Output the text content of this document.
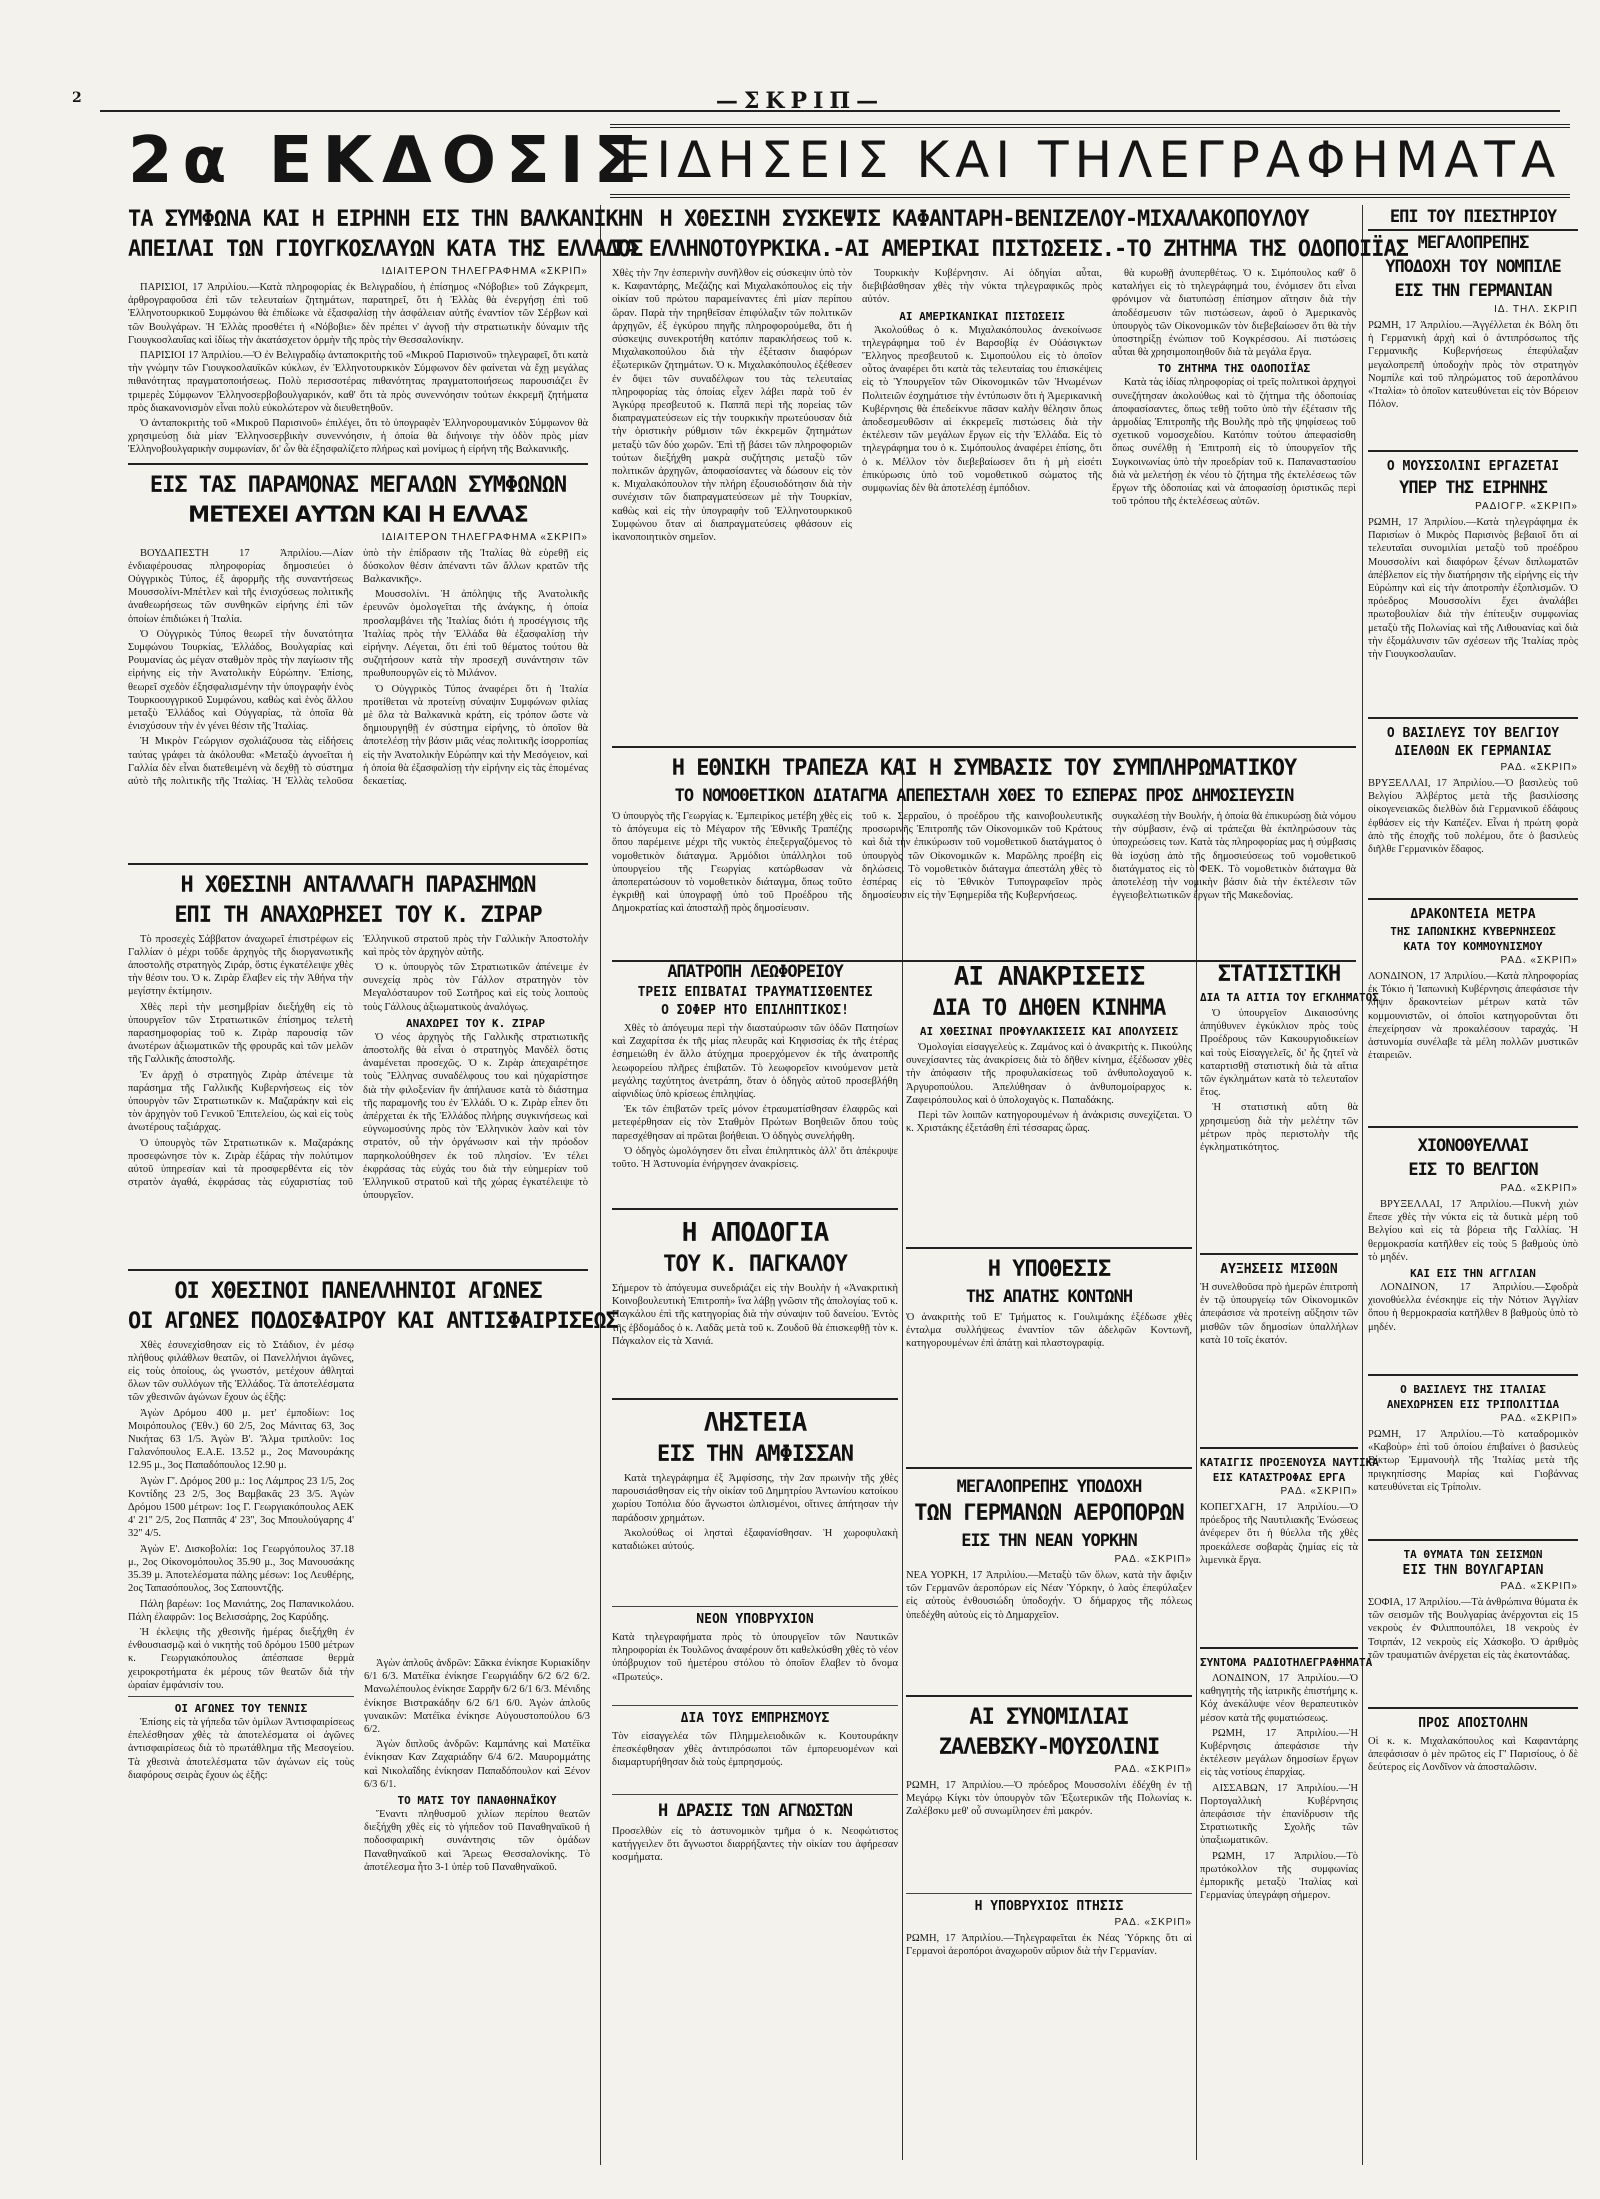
2	—ΣΚΡΙΠ—
2α ΕΚΔΟΣΙΣ
ΕΙΔΗΣΕΙΣ ΚΑΙ ΤΗΛΕΓΡΑΦΗΜΑΤΑ
ΤΑ ΣΥΜΦΩΝΑ ΚΑΙ Η ΕΙΡΗΝΗ ΕΙΣ ΤΗΝ ΒΑΛΚΑΝΙΚΗΝ
ΑΠΕΙΛΑΙ ΤΩΝ ΓΙΟΥΓΚΟΣΛΑΥΩΝ ΚΑΤΑ ΤΗΣ ΕΛΛΑΔΟΣ
ΙΔΙΑΙΤΕΡΟΝ ΤΗΛΕΓΡΑΦΗΜΑ «ΣΚΡΙΠ»

ΠΑΡΙΣΙΟΙ, 17 Ἀπριλίου.—Κατὰ πληροφορίας ἐκ Βελιγραδίου, ἡ ἐπίσημος «Νόβοβιε» τοῦ Ζάγκρεμπ, ἀρθρογραφοῦσα ἐπὶ τῶν τελευταίων ζητημάτων, παρατηρεῖ, ὅτι ἡ Ἑλλὰς θὰ ἐνεργήσῃ ἐπὶ τοῦ Ἑλληνοτουρκικοῦ Συμφώνου θὰ ἐπιδίωκε νὰ ἐξασφαλίσῃ τὴν ἀσφάλειαν αὐτῆς ἐναντίον τῶν Σέρβων καὶ τῶν Βουλγάρων. Ἡ Ἑλλὰς προσθέτει ἡ «Νόβοβιε» δὲν πρέπει ν' ἀγνοῇ τὴν στρατιωτικὴν δύναμιν τῆς Γιουγκοσλαυΐας καὶ ἰδίως τὴν ἀκατάσχετον ὁρμὴν τῆς πρὸς τὴν Θεσσαλονίκην.

ΠΑΡΙΣΙΟΙ 17 Ἀπριλίου.—Ὁ ἐν Βελιγραδίῳ ἀνταποκριτὴς τοῦ «Μικροῦ Παρισινοῦ» τηλεγραφεῖ, ὅτι κατὰ τὴν γνώμην τῶν Γιουγκοσλαυϊκῶν κύκλων, ἐν Ἑλληνοτουρκικὸν Σύμφωνον δὲν φαίνεται νὰ ἔχῃ μεγάλας πιθανότητας πραγματοποιήσεως. Πολὺ περισσοτέρας πιθανότητας πραγματοποιήσεως παρουσιάζει ἓν τριμερὲς Σύμφωνον Ἑλληνοσερβοβουλγαρικόν, καθ' ὅτι τὰ πρὸς συνεννόησιν τούτων ἐκκρεμῆ ζητήματα πρὸς διακανονισμὸν εἶναι πολὺ εὐκολώτερον νὰ διευθετηθοῦν.

Ὁ ἀνταποκριτὴς τοῦ «Μικροῦ Παρισινοῦ» ἐπιλέγει, ὅτι τὸ ὑπογραφὲν Ἑλληνορουμανικὸν Σύμφωνον θὰ χρησιμεύσῃ διὰ μίαν Ἑλληνοσερβικὴν συνεννόησιν, ἡ ὁποία θὰ διήνοιγε τὴν ὁδὸν πρὸς μίαν Ἑλληνοβουλγαρικὴν συμφωνίαν, δι' ὧν θὰ ἐξησφαλίζετο πλήρως καὶ μονίμως ἡ εἰρήνη τῆς Βαλκανικῆς.

ΕΙΣ ΤΑΣ ΠΑΡΑΜΟΝΑΣ ΜΕΓΑΛΩΝ ΣΥΜΦΩΝΩΝ
ΜΕΤΕΧΕΙ ΑΥΤΩΝ ΚΑΙ Η ΕΛΛΑΣ
ΙΔΙΑΙΤΕΡΟΝ ΤΗΛΕΓΡΑΦΗΜΑ «ΣΚΡΙΠ»

ΒΟΥΔΑΠΕΣΤΗ 17 Ἀπριλίου.—Λίαν ἐνδιαφέρουσας πληροφορίας δημοσιεύει ὁ Οὐγγρικὸς Τύπος, ἐξ ἀφορμῆς τῆς συναντήσεως Μουσσολίνι-Μπέτλεν καὶ τῆς ἐνισχύσεως πολιτικῆς ἀναθεωρήσεως τῶν συνθηκῶν εἰρήνης ἐπὶ τῶν ὁποίων ἐπιδιώκει ἡ Ἰταλία.

Ὁ Οὐγγρικὸς Τύπος θεωρεῖ τὴν δυνατότητα Συμφώνου Τουρκίας, Ἑλλάδος, Βουλγαρίας καὶ Ρουμανίας ὡς μέγαν σταθμὸν πρὸς τὴν παγίωσιν τῆς εἰρήνης εἰς τὴν Ἀνατολικὴν Εὐρώπην. Ἐπίσης, θεωρεῖ σχεδὸν ἐξησφαλισμένην τὴν ὑπογραφὴν ἑνὸς Τουρκοουγγρικοῦ Συμφώνου, καθὼς καὶ ἑνὸς ἄλλου μεταξὺ Ἑλλάδος καὶ Οὐγγαρίας, τὰ ὁποῖα θὰ ἐνισχύσουν τὴν ἐν γένει θέσιν τῆς Ἰταλίας.

Ἡ Μικρὸν Γεώργιον σχολιάζουσα τὰς εἰδήσεις ταύτας γράφει τὰ ἀκόλουθα: «Μεταξὺ ἀγνοεῖται ἡ Γαλλία δὲν εἶναι διατεθειμένη νὰ δεχθῇ τὸ σύστημα αὐτὸ τῆς πολιτικῆς τῆς Ἰταλίας. Ἡ Ἑλλὰς τελοῦσα ὑπὸ τὴν ἐπίδρασιν τῆς Ἰταλίας θὰ εὑρεθῇ εἰς δύσκολον θέσιν ἀπέναντι τῶν ἄλλων κρατῶν τῆς Βαλκανικῆς».

Μουσσολίνι. Ἡ ἀπόληψις τῆς Ἀνατολικῆς ἐρευνῶν ὁμολογεῖται τῆς ἀνάγκης, ἡ ὁποία προσλαμβάνει τῆς Ἰταλίας διότι ἡ προσέγγισις τῆς Ἰταλίας πρὸς τὴν Ἑλλάδα θὰ ἐξασφαλίσῃ τὴν εἰρήνην. Λέγεται, ὅτι ἐπὶ τοῦ θέματος τούτου θὰ συζητήσουν κατὰ τὴν προσεχῆ συνάντησιν τῶν πρωθυπουργῶν εἰς τὸ Μιλάνον.

Ὁ Οὐγγρικὸς Τύπος ἀναφέρει ὅτι ἡ Ἰταλία προτίθεται νὰ προτείνῃ σύναψιν Συμφώνων φιλίας μὲ ὅλα τὰ Βαλκανικὰ κράτη, εἰς τρόπον ὥστε νὰ δημιουργηθῇ ἐν σύστημα εἰρήνης, τὸ ὁποῖον θὰ ἀποτελέσῃ τὴν βάσιν μιᾶς νέας πολιτικῆς ἰσορροπίας εἰς τὴν Ἀνατολικὴν Εὐρώπην καὶ τὴν Μεσόγειον, καὶ ἡ ὁποία θὰ ἐξασφαλίσῃ τὴν εἰρήνην εἰς τὰς ἑπομένας δεκαετίας.

Η ΧΘΕΣΙΝΗ ΑΝΤΑΛΛΑΓΗ ΠΑΡΑΣΗΜΩΝ
ΕΠΙ ΤΗ ΑΝΑΧΩΡΗΣΕΙ ΤΟΥ Κ. ΖΙΡΑΡ

Τὸ προσεχὲς Σάββατον ἀναχωρεῖ ἐπιστρέφων εἰς Γαλλίαν ὁ μέχρι τοῦδε ἀρχηγὸς τῆς διοργανωτικῆς ἀποστολῆς στρατηγὸς Ζιράρ, ὅστις ἐγκατέλειψε χθὲς τὴν θέσιν του. Ὁ κ. Ζιρὰρ ἔλαβεν εἰς τὴν Ἀθήνα τὴν μεγίστην ἐκτίμησιν.

Χθὲς περὶ τὴν μεσημβρίαν διεξήχθη εἰς τὸ ὑπουργεῖον τῶν Στρατιωτικῶν ἐπίσημος τελετὴ παρασημοφορίας τοῦ κ. Ζιρὰρ παρουσίᾳ τῶν ἀνωτέρων ἀξιωματικῶν τῆς φρουρᾶς καὶ τῶν μελῶν τῆς Γαλλικῆς ἀποστολῆς.

Ἐν ἀρχῇ ὁ στρατηγὸς Ζιρὰρ ἀπένειμε τὰ παράσημα τῆς Γαλλικῆς Κυβερνήσεως εἰς τὸν ὑπουργὸν τῶν Στρατιωτικῶν κ. Μαζαράκην καὶ εἰς τὸν ἀρχηγὸν τοῦ Γενικοῦ Ἐπιτελείου, ὡς καὶ εἰς τοὺς ἀνωτέρους ταξιάρχας.

Ὁ ὑπουργὸς τῶν Στρατιωτικῶν κ. Μαζαράκης προσεφώνησε τὸν κ. Ζιρὰρ ἐξάρας τὴν πολύτιμον αὐτοῦ ὑπηρεσίαν καὶ τὰ προσφερθέντα εἰς τὸν στρατὸν ἀγαθά, ἐκφράσας τὰς εὐχαριστίας τοῦ Ἑλληνικοῦ στρατοῦ πρὸς τὴν Γαλλικὴν Ἀποστολὴν καὶ πρὸς τὸν ἀρχηγὸν αὐτῆς.

Ὁ κ. ὑπουργὸς τῶν Στρατιωτικῶν ἀπένειμε ἐν συνεχείᾳ πρὸς τὸν Γάλλον στρατηγὸν τὸν Μεγαλόσταυρον τοῦ Σωτῆρος καὶ εἰς τοὺς λοιποὺς τοὺς Γάλλους ἀξιωματικοὺς ἀναλόγως.

ΑΝΑΧΩΡΕΙ ΤΟΥ Κ. ΖΙΡΑΡ

Ὁ νέος ἀρχηγὸς τῆς Γαλλικῆς στρατιωτικῆς ἀποστολῆς θὰ εἶναι ὁ στρατηγὸς Μανδὲλ ὅστις ἀναμένεται προσεχῶς. Ὁ κ. Ζιρὰρ ἀπεχαιρέτησε τοὺς Ἕλληνας συναδέλφους του καὶ ηὐχαρίστησε διὰ τὴν φιλοξενίαν ἣν ἀπήλαυσε κατὰ τὸ διάστημα τῆς παραμονῆς του ἐν Ἑλλάδι. Ὁ κ. Ζιρὰρ εἶπεν ὅτι ἀπέρχεται ἐκ τῆς Ἑλλάδος πλήρης συγκινήσεως καὶ εὐγνωμοσύνης πρὸς τὸν Ἑλληνικὸν λαὸν καὶ τὸν στρατόν, οὗ τὴν ὀργάνωσιν καὶ τὴν πρόοδον παρηκολούθησεν ἐκ τοῦ πλησίον. Ἐν τέλει ἐκφράσας τὰς εὐχάς του διὰ τὴν εὐημερίαν τοῦ Ἑλληνικοῦ στρατοῦ καὶ τῆς χώρας ἐγκατέλειψε τὸ ὑπουργεῖον.

ΟΙ ΧΘΕΣΙΝΟΙ ΠΑΝΕΛΛΗΝΙΟΙ ΑΓΩΝΕΣ
ΟΙ ΑΓΩΝΕΣ ΠΟΔΟΣΦΑΙΡΟΥ ΚΑΙ ΑΝΤΙΣΦΑΙΡΙΣΕΩΣ

Χθὲς ἐσυνεχίσθησαν εἰς τὸ Στάδιον, ἐν μέσῳ πλήθους φιλάθλων θεατῶν, οἱ Πανελλήνιοι ἀγῶνες, εἰς τοὺς ὁποίους, ὡς γνωστόν, μετέχουν ἀθληταὶ ὅλων τῶν συλλόγων τῆς Ἑλλάδος. Τὰ ἀποτελέσματα τῶν χθεσινῶν ἀγώνων ἔχουν ὡς ἑξῆς:

Ἀγὼν Δρόμου 400 μ. μετ' ἐμποδίων: 1ος Μοιρόπουλος (Ἐθν.) 60 2/5, 2ος Μάνιτας 63, 3ος Νικήτας 63 1/5. Ἀγὼν Β'. Ἅλμα τριπλοῦν: 1ος Γαλανόπουλος Ε.Α.Ε. 13.52 μ., 2ος Μανουράκης 12.95 μ., 3ος Παπαδόπουλος 12.90 μ.

Ἀγὼν Γ'. Δρόμος 200 μ.: 1ος Λάμπρος 23 1/5, 2ος Κοντίδης 23 2/5, 3ος Βαμβακᾶς 23 3/5. Ἀγὼν Δρόμου 1500 μέτρων: 1ος Γ. Γεωργιακόπουλος ΑΕΚ 4' 21'' 2/5, 2ος Παππᾶς 4' 23'', 3ος Μπουλούγαρης 4' 32'' 4/5.

Ἀγὼν Ε'. Δισκοβολία: 1ος Γεωργόπουλος 37.18 μ., 2ος Οἰκονομόπουλος 35.90 μ., 3ος Μανουσάκης 35.39 μ. Ἀποτελέσματα πάλης μέσων: 1ος Λευθέρης, 2ος Ταπασόπουλος, 3ος Σαπουντζῆς.

Πάλη βαρέων: 1ος Μανιάτης, 2ος Παπανικολάου. Πάλη ἐλαφρῶν: 1ος Βελισσάρης, 2ος Καρύδης.

Ἡ ἐκλεψις τῆς χθεσινῆς ἡμέρας διεξήχθη ἐν ἐνθουσιασμῷ καὶ ὁ νικητὴς τοῦ δρόμου 1500 μέτρων κ. Γεωργιακόπουλος ἀπέσπασε θερμὰ χειροκροτήματα ἐκ μέρους τῶν θεατῶν διὰ τὴν ὡραίαν ἐμφάνισίν του.

ΟΙ ΑΓΩΝΕΣ ΤΟΥ ΤΕΝΝΙΣ

Ἐπίσης εἰς τὰ γήπεδα τῶν ὁμίλων Ἀντισφαιρίσεως ἐπελέσθησαν χθὲς τὰ ἀποτελέσματα οἱ ἀγῶνες ἀντισφαιρίσεως διὰ τὸ πρωτάθλημα τῆς Μεσογείου. Τὰ χθεσινὰ ἀποτελέσματα τῶν ἀγώνων εἰς τοὺς διαφόρους σειρὰς ἔχουν ὡς ἑξῆς:

Ἀγὼν ἀπλοῦς ἀνδρῶν: Σᾶκκα ἐνίκησε Κυριακίδην 6/1 6/3. Ματέϊκα ἐνίκησε Γεωργιάδην 6/2 6/2 6/2. Μανωλέπουλος ἐνίκησε Σαρρῆν 6/2 6/1 6/3. Μένιδης ἐνίκησε Βιστρακάδην 6/2 6/1 6/0. Ἀγὼν ἀπλοῦς γυναικῶν: Ματέϊκα ἐνίκησε Αὐγουστοπούλου 6/3 6/2.

Ἀγὼν διπλοῦς ἀνδρῶν: Καμπάνης καὶ Ματέϊκα ἐνίκησαν Καν Ζαχαριάδην 6/4 6/2. Μαυρομμάτης καὶ Νικολαΐδης ἐνίκησαν Παπαδόπουλον καὶ Ξένον 6/3 6/1.

ΤΟ ΜΑΤΣ ΤΟΥ ΠΑΝΑΘΗΝΑΪΚΟΥ

Ἔναντι πληθυσμοῦ χιλίων περίπου θεατῶν διεξήχθη χθὲς εἰς τὸ γήπεδον τοῦ Παναθηναϊκοῦ ἡ ποδοσφαιρικὴ συνάντησις τῶν ὁμάδων Παναθηναϊκοῦ καὶ Ἄρεως Θεσσαλονίκης. Τὸ ἀποτέλεσμα ἦτο 3-1 ὑπὲρ τοῦ Παναθηναϊκοῦ.

Η ΧΘΕΣΙΝΗ ΣΥΣΚΕΨΙΣ ΚΑΦΑΝΤΑΡΗ-ΒΕΝΙΖΕΛΟΥ-ΜΙΧΑΛΑΚΟΠΟΥΛΟΥ
ΤΑ ΕΛΛΗΝΟΤΟΥΡΚΙΚΑ.-ΑΙ ΑΜΕΡΙΚΑΙ ΠΙΣΤΩΣΕΙΣ.-ΤΟ ΖΗΤΗΜΑ ΤΗΣ ΟΔΟΠΟΙΪΑΣ
Χθὲς τὴν 7ην ἑσπερινὴν συνῆλθον εἰς σύσκεψιν ὑπὸ τὸν κ. Καφαντάρης, Μεζάζης καὶ Μιχαλακόπουλος εἰς τὴν οἰκίαν τοῦ πρώτου παραμείναντες ἐπὶ μίαν περίπου ὥραν. Παρὰ τὴν τηρηθεῖσαν ἐπιφύλαξιν τῶν πολιτικῶν ἀρχηγῶν, ἐξ ἐγκύρου πηγῆς πληροφορούμεθα, ὅτι ἡ σύσκεψις συνεκροτήθη κατόπιν παρακλήσεως τοῦ κ. Μιχαλακοπούλου διὰ τὴν ἐξέτασιν διαφόρων ἐξωτερικῶν ζητημάτων. Ὁ κ. Μιχαλακόπουλος ἐξέθεσεν ἐν ὄψει τῶν συναδέλφων του τὰς τελευταίας πληροφορίας τὰς ὁποίας εἶχεν λάβει παρὰ τοῦ ἐν Ἀγκύρᾳ πρεσβευτοῦ κ. Παππᾶ περὶ τῆς πορείας τῶν διαπραγματεύσεων εἰς τὴν τουρκικὴν πρωτεύουσαν διὰ τὴν ὁριστικὴν ρύθμισιν τῶν ἐκκρεμῶν ζητημάτων μεταξὺ τῶν δύο χωρῶν. Ἐπὶ τῇ βάσει τῶν πληροφοριῶν τούτων διεξήχθη μακρὰ συζήτησις μεταξὺ τῶν πολιτικῶν ἀρχηγῶν, ἀποφασίσαντες νὰ δώσουν εἰς τὸν κ. Μιχαλακόπουλον τὴν πλήρη ἐξουσιοδότησιν διὰ τὴν συνέχισιν τῶν διαπραγματεύσεων μὲ τὴν Τουρκίαν, καθὼς καὶ εἰς τὴν ὑπογραφὴν τοῦ Ἑλληνοτουρκικοῦ Συμφώνου ὅταν αἱ διαπραγματεύσεις φθάσουν εἰς ἱκανοποιητικὸν σημεῖον.

Τουρκικὴν Κυβέρνησιν. Αἱ ὁδηγίαι αὗται, διεβιβάσθησαν χθὲς τὴν νύκτα τηλεγραφικῶς πρὸς αὐτόν.

ΑΙ ΑΜΕΡΙΚΑΝΙΚΑΙ ΠΙΣΤΩΣΕΙΣ

Ἀκολούθως ὁ κ. Μιχαλακόπουλος ἀνεκοίνωσε τηλεγράφημα τοῦ ἐν Βαρσοβίᾳ ἐν Οὐάσιγκτων Ἕλληνος πρεσβευτοῦ κ. Σιμοπούλου εἰς τὸ ὁποῖον οὗτος ἀναφέρει ὅτι κατὰ τὰς τελευταίας του ἐπισκέψεις εἰς τὸ Ὑπουργεῖον τῶν Οἰκονομικῶν τῶν Ἡνωμένων Πολιτειῶν ἐσχημάτισε τὴν ἐντύπωσιν ὅτι ἡ Ἀμερικανικὴ Κυβέρνησις θὰ ἐπεδείκνυε πᾶσαν καλὴν θέλησιν ὅπως ἀποδεσμευθῶσιν αἱ ἐκκρεμεῖς πιστώσεις διὰ τὴν ἐκτέλεσιν τῶν μεγάλων ἔργων εἰς τὴν Ἑλλάδα. Εἰς τὸ τηλεγράφημα του ὁ κ. Σιμόπουλος ἀναφέρει ἐπίσης, ὅτι ὁ κ. Μέλλον τὸν διεβεβαίωσεν ὅτι ἡ μὴ εἰσέτι ἐπικύρωσις ὑπὸ τοῦ νομοθετικοῦ σώματος τῆς συμφωνίας δὲν θὰ ἀποτελέσῃ ἐμπόδιον.

θὰ κυρωθῇ ἀνυπερθέτως. Ὁ κ. Σιμόπουλος καθ' ὃ καταλήγει εἰς τὸ τηλεγράφημά του, ἐνόμισεν ὅτι εἶναι φρόνιμον νὰ διατυπώσῃ ἐπίσημον αἴτησιν διὰ τὴν ἀποδέσμευσιν τῶν πιστώσεων, ἀφοῦ ὁ Ἀμερικανὸς ὑπουργὸς τῶν Οἰκονομικῶν τὸν διεβεβαίωσεν ὅτι θὰ τὴν ὑποστηρίξῃ ἐνώπιον τοῦ Κογκρέσσου. Αἱ πιστώσεις αὗται θὰ χρησιμοποιηθοῦν διὰ τὰ μεγάλα ἔργα.

ΤΟ ΖΗΤΗΜΑ ΤΗΣ ΟΔΟΠΟΙΪΑΣ

Κατὰ τὰς ἰδίας πληροφορίας οἱ τρεῖς πολιτικοὶ ἀρχηγοὶ συνεζήτησαν ἀκολούθως καὶ τὸ ζήτημα τῆς ὁδοποιίας ἀποφασίσαντες, ὅπως τεθῇ τοῦτο ὑπὸ τὴν ἐξέτασιν τῆς ἀρμοδίας Ἐπιτροπῆς τῆς Βουλῆς πρὸ τῆς ψηφίσεως τοῦ σχετικοῦ νομοσχεδίου. Κατόπιν τούτου ἀπεφασίσθη ὅπως συνέλθῃ ἡ Ἐπιτροπὴ εἰς τὸ ὑπουργεῖον τῆς Συγκοινωνίας ὑπὸ τὴν προεδρίαν τοῦ κ. Παπαναστασίου διὰ νὰ μελετήσῃ ἐκ νέου τὸ ζήτημα τῆς ἐκτελέσεως τῶν ἔργων τῆς ὁδοποιίας καὶ νὰ ἀποφασίσῃ ὁριστικῶς περὶ τοῦ τρόπου τῆς ἐκτελέσεως αὐτῶν.

Η ΕΘΝΙΚΗ ΤΡΑΠΕΖΑ ΚΑΙ Η ΣΥΜΒΑΣΙΣ ΤΟΥ ΣΥΜΠΛΗΡΩΜΑΤΙΚΟΥ
ΤΟ ΝΟΜΟΘΕΤΙΚΟΝ ΔΙΑΤΑΓΜΑ ΑΠΕΠΕΣΤΑΛΗ ΧΘΕΣ ΤΟ ΕΣΠΕΡΑΣ ΠΡΟΣ ΔΗΜΟΣΙΕΥΣΙΝ
Ὁ ὑπουργὸς τῆς Γεωργίας κ. Ἐμπειρίκος μετέβη χθὲς εἰς τὸ ἀπόγευμα εἰς τὸ Μέγαρον τῆς Ἐθνικῆς Τραπέζης ὅπου παρέμεινε μέχρι τῆς νυκτὸς ἐπεξεργαζόμενος τὸ νομοθετικὸν διάταγμα. Ἀρμόδιοι ὑπάλληλοι τοῦ ὑπουργείου τῆς Γεωργίας κατώρθωσαν νὰ ἀποπερατώσουν τὸ νομοθετικὸν διάταγμα, ὅπως τοῦτο ἐγκριθῇ καὶ ὑπογραφῇ ὑπὸ τοῦ Προέδρου τῆς Δημοκρατίας καὶ ἀποσταλῇ πρὸς δημοσίευσιν.
τοῦ κ. Σερραῖου, ὁ προέδρου τῆς καινοβουλευτικῆς προσωρινῆς Ἐπιτροπῆς τῶν Οἰκονομικῶν τοῦ Κράτους καὶ διὰ τὴν ἐπικύρωσιν τοῦ νομοθετικοῦ διατάγματος ὁ ὑπουργὸς τῶν Οἰκονομικῶν κ. Μαρῶλης προέβη εἰς δηλώσεις. Τὸ νομοθετικὸν διάταγμα ἀπεστάλη χθὲς τὸ ἑσπέρας εἰς τὸ Ἐθνικὸν Τυπογραφεῖον πρὸς δημοσίευσιν εἰς τὴν Ἐφημερίδα τῆς Κυβερνήσεως.
συγκαλέσῃ τὴν Βουλήν, ἡ ὁποία θὰ ἐπικυρώσῃ διὰ νόμου τὴν σύμβασιν, ἐνῷ αἱ τράπεζαι θὰ ἐκπληρώσουν τὰς ὑποχρεώσεις των. Κατὰ τὰς πληροφορίας μας ἡ σύμβασις θὰ ἰσχύσῃ ἀπὸ τῆς δημοσιεύσεως τοῦ νομοθετικοῦ διατάγματος εἰς τὸ ΦΕΚ. Τὸ νομοθετικὸν διάταγμα θὰ ἀποτελέσῃ τὴν νομικὴν βάσιν διὰ τὴν ἐκτέλεσιν τῶν ἐγγειοβελτιωτικῶν ἔργων τῆς Μακεδονίας.
ΑΠΑΤΡΟΠΗ ΛΕΩΦΟΡΕΙΟΥ
ΤΡΕΙΣ ΕΠΙΒΑΤΑΙ ΤΡΑΥΜΑΤΙΣΘΕΝΤΕΣ
Ο ΣΟΦΕΡ ΗΤΟ ΕΠΙΛΗΠΤΙΚΟΣ!

Χθὲς τὸ ἀπόγευμα περὶ τὴν διασταύρωσιν τῶν ὁδῶν Πατησίων καὶ Ζαχαρίτσα ἐκ τῆς μίας πλευρᾶς καὶ Κηφισσίας ἐκ τῆς ἑτέρας ἐσημειώθη ἐν ἄλλο ἀτύχημα προερχόμενον ἐκ τῆς ἀνατροπῆς λεωφορείου πλῆρες ἐπιβατῶν. Τὸ λεωφορεῖον κινούμενον μετὰ μεγάλης ταχύτητος ἀνετράπη, ὅταν ὁ ὁδηγὸς αὐτοῦ προσεβλήθη αἰφνιδίως ὑπὸ κρίσεως ἐπιληψίας.

Ἐκ τῶν ἐπιβατῶν τρεῖς μόνον ἐτραυματίσθησαν ἐλαφρῶς καὶ μετεφέρθησαν εἰς τὸν Σταθμὸν Πρώτων Βοηθειῶν ὅπου τοὺς παρεσχέθησαν αἱ πρῶται βοήθειαι. Ὁ ὁδηγὸς συνελήφθη.

Ὁ ὁδηγὸς ὡμολόγησεν ὅτι εἶναι ἐπιληπτικὸς ἀλλ' ὅτι ἀπέκρυψε τοῦτο. Ἡ Ἀστυνομία ἐνήργησεν ἀνακρίσεις.

Η ΑΠΟΔΟΓΙΑ
ΤΟΥ Κ. ΠΑΓΚΑΛΟΥ
Σήμερον τὸ ἀπόγευμα συνεδριάζει εἰς τὴν Βουλὴν ἡ «Ἀνακριτικὴ Κοινοβουλευτικὴ Ἐπιτροπὴ» ἵνα λάβῃ γνῶσιν τῆς ἀπολογίας τοῦ κ. Παγκάλου ἐπὶ τῆς κατηγορίας διὰ τὴν σύναψιν τοῦ δανείου. Ἐντὸς τῆς ἑβδομάδος ὁ κ. Λαδᾶς μετὰ τοῦ κ. Ζουδοῦ θὰ ἐπισκεφθῇ τὸν κ. Πάγκαλον εἰς τὰ Χανιά.
ΛΗΣΤΕΙΑ
ΕΙΣ ΤΗΝ ΑΜΦΙΣΣΑΝ

Κατὰ τηλεγράφημα ἐξ Ἀμφίσσης, τὴν 2αν πρωινὴν τῆς χθὲς παρουσιάσθησαν εἰς τὴν οἰκίαν τοῦ Δημητρίου Ἀντωνίου κατοίκου χωρίου Τοπόλια δύο ἄγνωστοι ὡπλισμένοι, οἵτινες ἀπήτησαν τὴν παράδοσιν χρημάτων.

Ἀκολούθως οἱ λησταὶ ἐξαφανίσθησαν. Ἡ χωροφυλακὴ καταδιώκει αὐτούς.

ΝΕΟΝ ΥΠΟΒΡΥΧΙΟΝ
Κατὰ τηλεγραφήματα πρὸς τὸ ὑπουργεῖον τῶν Ναυτικῶν πληροφορίαι ἐκ Τουλῶνος ἀναφέρουν ὅτι καθελκύσθη χθὲς τὸ νέον ὑπόβρυχιον τοῦ ἡμετέρου στόλου τὸ ὁποῖον ἔλαβεν τὸ ὄνομα «Πρωτεύς».
ΔΙΑ ΤΟΥΣ ΕΜΠΡΗΣΜΟΥΣ
Τὸν εἰσαγγελέα τῶν Πλημμελειοδικῶν κ. Κουτουράκην ἐπεσκέφθησαν χθὲς ἀντιπρόσωποι τῶν ἐμπορευομένων καὶ διαμαρτυρήθησαν διὰ τοὺς ἐμπρησμούς.
Η ΔΡΑΣΙΣ ΤΩΝ ΑΓΝΩΣΤΩΝ
Προσελθὼν εἰς τὸ ἀστυνομικὸν τμῆμα ὁ κ. Νεοφώτιστος κατήγγειλεν ὅτι ἄγνωστοι διαρρήξαντες τὴν οἰκίαν του ἀφήρεσαν κοσμήματα.
ΑΙ ΑΝΑΚΡΙΣΕΙΣ
ΔΙΑ ΤΟ ΔΗΘΕΝ ΚΙΝΗΜΑ
ΑΙ ΧΘΕΣΙΝΑΙ ΠΡΟΦΥΛΑΚΙΣΕΙΣ ΚΑΙ ΑΠΟΛΥΣΕΙΣ

Ὁμολογίαι εἰσαγγελεὺς κ. Ζαμάνος καὶ ὁ ἀνακριτὴς κ. Πικούλης συνεχίσαντες τὰς ἀνακρίσεις διὰ τὸ δῆθεν κίνημα, ἐξέδωσαν χθὲς τὴν ἀπόφασιν τῆς προφυλακίσεως τοῦ ἀνθυπολοχαγοῦ κ. Ἀργυροπούλου. Ἀπελύθησαν ὁ ἀνθυπομοίραρχος κ. Ζαφειρόπουλος καὶ ὁ ὑπολοχαγὸς κ. Παπαδάκης.

Περὶ τῶν λοιπῶν κατηγορουμένων ἡ ἀνάκρισις συνεχίζεται. Ὁ κ. Χριστάκης ἐξετάσθη ἐπὶ τέσσαρας ὥρας.

Η ΥΠΟΘΕΣΙΣ
ΤΗΣ ΑΠΑΤΗΣ ΚΟΝΤΩΝΗ
Ὁ ἀνακριτὴς τοῦ Ε' Τμήματος κ. Γουλιμάκης ἐξέδωσε χθὲς ἐνταλμα συλλήψεως ἐναντίον τῶν ἀδελφῶν Κοντωνῆ, κατηγορουμένων ἐπὶ ἀπάτῃ καὶ πλαστογραφίᾳ.
ΜΕΓΑΛΟΠΡΕΠΗΣ ΥΠΟΔΟΧΗ
ΤΩΝ ΓΕΡΜΑΝΩΝ ΑΕΡΟΠΟΡΩΝ
ΕΙΣ ΤΗΝ ΝΕΑΝ ΥΟΡΚΗΝ
ΡΑΔ. «ΣΚΡΙΠ»
ΝΕΑ ΥΟΡΚΗ, 17 Ἀπριλίου.—Μεταξὺ τῶν ὅλων, κατὰ τὴν ἄφιξιν τῶν Γερμανῶν ἀεροπόρων εἰς Νέαν Ὑόρκην, ὁ λαὸς ἐπεφύλαξεν εἰς αὐτοὺς ἐνθουσιώδη ὑποδοχήν. Ὁ δήμαρχος τῆς πόλεως ὑπεδέχθη αὐτοὺς εἰς τὸ Δημαρχεῖον.
ΑΙ ΣΥΝΟΜΙΛΙΑΙ
ΖΑΛΕΒΣΚΥ-ΜΟΥΣΟΛΙΝΙ
ΡΑΔ. «ΣΚΡΙΠ»
ΡΩΜΗ, 17 Ἀπριλίου.—Ὁ πρόεδρος Μουσσολίνι ἐδέχθη ἐν τῇ Μεγάρῳ Κίγκι τὸν ὑπουργὸν τῶν Ἐξωτερικῶν τῆς Πολωνίας κ. Ζαλέβσκυ μεθ' οὗ συνωμίλησεν ἐπὶ μακρόν.
Η ΥΠΟΒΡΥΧΙΟΣ ΠΤΗΣΙΣ
ΡΑΔ. «ΣΚΡΙΠ»
ΡΩΜΗ, 17 Ἀπριλίου.—Τηλεγραφεῖται ἐκ Νέας Ὑόρκης ὅτι αἱ Γερμανοὶ ἀεροπόροι ἀναχωροῦν αὔριον διὰ τὴν Γερμανίαν.
ΣΤΑΤΙΣΤΙΚΗ
ΔΙΑ ΤΑ ΑΙΤΙΑ ΤΟΥ ΕΓΚΛΗΜΑΤΟΣ

Ὁ ὑπουργεῖον Δικαιοσύνης ἀπηύθυνεν ἐγκύκλιον πρὸς τοὺς Προέδρους τῶν Κακουργιοδικείων καὶ τοὺς Εἰσαγγελεῖς, δι' ἧς ζητεῖ νὰ καταρτισθῇ στατιστικὴ διὰ τὰ αἴτια τῶν ἐγκλημάτων κατὰ τὸ τελευταῖον ἔτος.

Ἡ στατιστικὴ αὕτη θὰ χρησιμεύσῃ διὰ τὴν μελέτην τῶν μέτρων πρὸς περιστολὴν τῆς ἐγκληματικότητος.

ΑΥΞΗΣΕΙΣ ΜΙΣΘΩΝ
Ἡ συνελθοῦσα πρὸ ἡμερῶν ἐπιτροπὴ ἐν τῷ ὑπουργείῳ τῶν Οἰκονομικῶν ἀπεφάσισε νὰ προτείνῃ αὔξησιν τῶν μισθῶν τῶν δημοσίων ὑπαλλήλων κατὰ 10 τοῖς ἑκατόν.
ΚΑΤΑΙΓΙΣ ΠΡΟΞΕΝΟΥΣΑ ΝΑΥΤΙΚΑ
ΕΙΣ ΚΑΤΑΣΤΡΟΦΑΣ ΕΡΓΑ
ΡΑΔ. «ΣΚΡΙΠ»
ΚΟΠΕΓΧΑΓΗ, 17 Ἀπριλίου.—Ὁ πρόεδρος τῆς Ναυτιλιακῆς Ἑνώσεως ἀνέφερεν ὅτι ἡ θύελλα τῆς χθὲς προεκάλεσε σοβαρὰς ζημίας εἰς τὰ λιμενικὰ ἔργα.
ΣΥΝΤΟΜΑ ΡΑΔΙΟΤΗΛΕΓΡΑΦΗΜΑΤΑ

ΛΟΝΔΙΝΟΝ, 17 Ἀπριλίου.—Ὁ καθηγητὴς τῆς ἰατρικῆς ἐπιστήμης κ. Κόχ ἀνεκάλυψε νέον θεραπευτικὸν μέσον κατὰ τῆς φυματιώσεως.

ΡΩΜΗ, 17 Ἀπριλίου.—Ἡ Κυβέρνησις ἀπεφάσισε τὴν ἐκτέλεσιν μεγάλων δημοσίων ἔργων εἰς τὰς νοτίους ἐπαρχίας.

ΑΙΣΣΑΒΩΝ, 17 Ἀπριλίου.—Ἡ Πορτογαλλικὴ Κυβέρνησις ἀπεφάσισε τὴν ἐπανίδρυσιν τῆς Στρατιωτικῆς Σχολῆς τῶν ὑπαξιωματικῶν.

ΡΩΜΗ, 17 Ἀπριλίου.—Τὸ πρωτόκολλον τῆς συμφωνίας ἐμπορικῆς μεταξὺ Ἰταλίας καὶ Γερμανίας ὑπεγράφη σήμερον.

ΕΠΙ ΤΟΥ ΠΙΕΣΤΗΡΙΟΥ
ΜΕΓΑΛΟΠΡΕΠΗΣ
ΥΠΟΔΟΧΗ ΤΟΥ ΝΟΜΠΙΛΕ
ΕΙΣ ΤΗΝ ΓΕΡΜΑΝΙΑΝ
ΙΔ. ΤΗΛ. ΣΚΡΙΠ
ΡΩΜΗ, 17 Ἀπριλίου.—Ἀγγέλλεται ἐκ Βόλη ὅτι ἡ Γερμανικὴ ἀρχὴ καὶ ὁ ἀντιπρόσωπος τῆς Γερμανικῆς Κυβερνήσεως ἐπεφύλαξαν μεγαλοπρεπῆ ὑποδοχὴν πρὸς τὸν στρατηγὸν Νομπίλε καὶ τοῦ πληρώματος τοῦ ἀεροπλάνου «Ἰταλία» τὸ ὁποῖον κατευθύνεται εἰς τὸν Βόρειον Πόλον.
Ο ΜΟΥΣΣΟΛΙΝΙ ΕΡΓΑΖΕΤΑΙ
ΥΠΕΡ ΤΗΣ ΕΙΡΗΝΗΣ
ΡΑΔΙΟΓΡ. «ΣΚΡΙΠ»
ΡΩΜΗ, 17 Ἀπριλίου.—Κατὰ τηλεγράφημα ἐκ Παρισίων ὁ Μικρὸς Παρισινὸς βεβαιοῖ ὅτι αἱ τελευταῖαι συνομιλίαι μεταξὺ τοῦ προέδρου Μουσσολίνι καὶ διαφόρων ξένων διπλωματῶν ἀπέβλεπον εἰς τὴν διατήρησιν τῆς εἰρήνης εἰς τὴν Εὐρώπην καὶ εἰς τὴν ἀποτροπὴν ἐξοπλισμῶν. Ὁ πρόεδρος Μουσσολίνι ἔχει ἀναλάβει πρωτοβουλίαν διὰ τὴν ἐπίτευξιν συμφωνίας μεταξὺ τῆς Πολωνίας καὶ τῆς Λιθουανίας καὶ διὰ τὴν ἐξομάλυνσιν τῶν σχέσεων τῆς Ἰταλίας πρὸς τὴν Γιουγκοσλαυΐαν.
Ο ΒΑΣΙΛΕΥΣ ΤΟΥ ΒΕΛΓΙΟΥ
ΔΙΕΛΘΩΝ ΕΚ ΓΕΡΜΑΝΙΑΣ
ΡΑΔ. «ΣΚΡΙΠ»
ΒΡΥΞΕΛΛΑΙ, 17 Ἀπριλίου.—Ὁ βασιλεὺς τοῦ Βελγίου Ἀλβέρτος μετὰ τῆς βασιλίσσης οἰκογενειακῶς διελθὼν διὰ Γερμανικοῦ ἐδάφους ἐφθάσεν εἰς τὴν Καπέζεν. Εἶναι ἡ πρώτη φορὰ ἀπὸ τῆς ἐποχῆς τοῦ πολέμου, ὅτε ὁ βασιλεὺς διῆλθε Γερμανικὸν ἔδαφος.
ΔΡΑΚΟΝΤΕΙΑ ΜΕΤΡΑ
ΤΗΣ ΙΑΠΩΝΙΚΗΣ ΚΥΒΕΡΝΗΣΕΩΣ
ΚΑΤΑ ΤΟΥ ΚΟΜΜΟΥΝΙΣΜΟΥ
ΡΑΔ. «ΣΚΡΙΠ»
ΛΟΝΔΙΝΟΝ, 17 Ἀπριλίου.—Κατὰ πληροφορίας ἐκ Τόκιο ἡ Ἰαπωνικὴ Κυβέρνησις ἀπεφάσισε τὴν λῆψιν δρακοντείων μέτρων κατὰ τῶν κομμουνιστῶν, οἱ ὁποῖοι κατηγοροῦνται ὅτι ἐπεχείρησαν νὰ προκαλέσουν ταραχάς. Ἡ ἀστυνομία συνέλαβε τὰ μέλη πολλῶν μυστικῶν ἑταιρειῶν.
ΧΙΟΝΟΘΥΕΛΛΑΙ
ΕΙΣ ΤΟ ΒΕΛΓΙΟΝ
ΡΑΔ. «ΣΚΡΙΠ»

ΒΡΥΞΕΛΛΑΙ, 17 Ἀπριλίου.—Πυκνὴ χιὼν ἔπεσε χθὲς τὴν νύκτα εἰς τὰ δυτικὰ μέρη τοῦ Βελγίου καὶ εἰς τὰ βόρεια τῆς Γαλλίας. Ἡ θερμοκρασία κατῆλθεν εἰς τοὺς 5 βαθμοὺς ὑπὸ τὸ μηδέν.

ΚΑΙ ΕΙΣ ΤΗΝ ΑΓΓΛΙΑΝ

ΛΟΝΔΙΝΟΝ, 17 Ἀπριλίου.—Σφοδρὰ χιονοθύελλα ἐνέσκηψε εἰς τὴν Νότιον Ἀγγλίαν ὅπου ἡ θερμοκρασία κατῆλθεν 8 βαθμοὺς ὑπὸ τὸ μηδέν.

Ο ΒΑΣΙΛΕΥΣ ΤΗΣ ΙΤΑΛΙΑΣ
ΑΝΕΧΩΡΗΣΕΝ ΕΙΣ ΤΡΙΠΟΛΙΤΙΔΑ
ΡΑΔ. «ΣΚΡΙΠ»
ΡΩΜΗ, 17 Ἀπριλίου.—Τὸ καταδρομικὸν «Καβοὺρ» ἐπὶ τοῦ ὁποίου ἐπιβαίνει ὁ βασιλεὺς Βίκτωρ Ἐμμανουὴλ τῆς Ἰταλίας μετὰ τῆς πριγκηπίσσης Μαρίας καὶ Γιοβάννας κατευθύνεται εἰς Τρίπολιν.
ΤΑ ΘΥΜΑΤΑ ΤΩΝ ΣΕΙΣΜΩΝ
ΕΙΣ ΤΗΝ ΒΟΥΛΓΑΡΙΑΝ
ΡΑΔ. «ΣΚΡΙΠ»
ΣΟΦΙΑ, 17 Ἀπριλίου.—Τὰ ἀνθρώπινα θύματα ἐκ τῶν σεισμῶν τῆς Βουλγαρίας ἀνέρχονται εἰς 15 νεκροὺς ἐν Φιλιππουπόλει, 18 νεκροὺς ἐν Τσιρπάν, 12 νεκροὺς εἰς Χάσκοβο. Ὁ ἀριθμὸς τῶν τραυματιῶν ἀνέρχεται εἰς τὰς ἑκατοντάδας.
ΠΡΟΣ ΑΠΟΣΤΟΛΗΝ
Οἱ κ. κ. Μιχαλακόπουλος καὶ Καφαντάρης ἀπεφάσισαν ὁ μὲν πρῶτος εἰς Γ' Παρισίους, ὁ δὲ δεύτερος εἰς Λονδῖνον νὰ ἀποσταλῶσιν.
